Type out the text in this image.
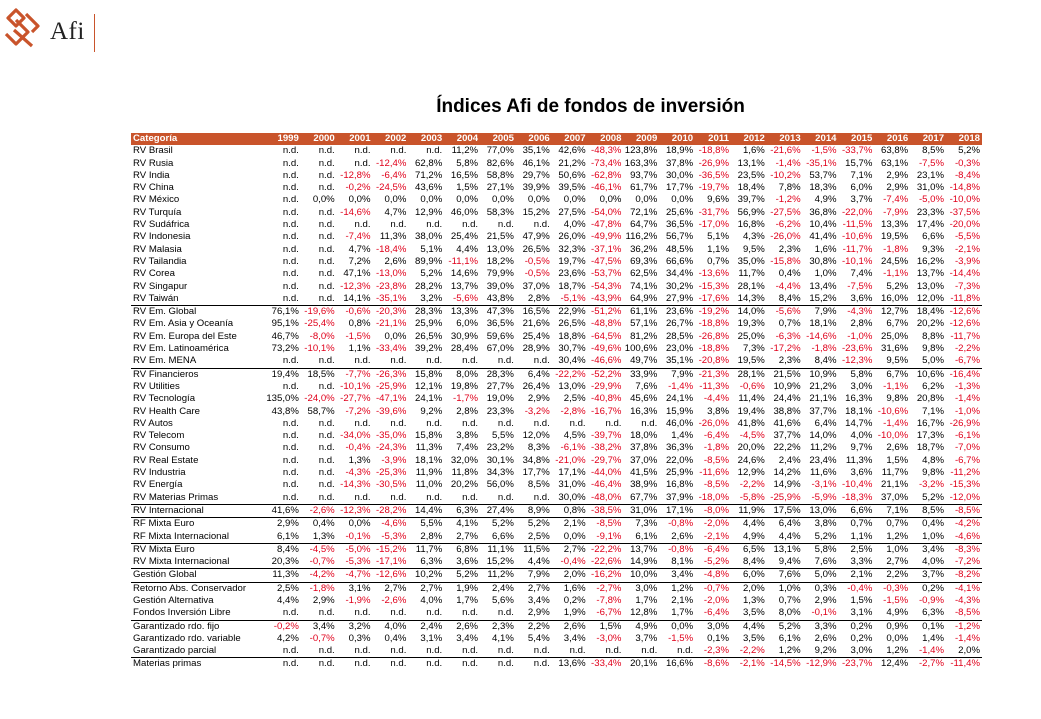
Afi
Índices Afi de fondos de inversión
Categoría	1999	2000	2001	2002	2003	2004	2005	2006	2007	2008	2009	2010	2011	2012	2013	2014	2015	2016	2017	2018
RV Brasil	n.d.	n.d.	n.d.	n.d.	n.d.	11,2%	77,0%	35,1%	42,6%	-48,3%	123,8%	18,9%	-18,8%	1,6%	-21,6%	-1,5%	-33,7%	63,8%	8,5%	5,2%
RV Rusia	n.d.	n.d.	n.d.	-12,4%	62,8%	5,8%	82,6%	46,1%	21,2%	-73,4%	163,3%	37,8%	-26,9%	13,1%	-1,4%	-35,1%	15,7%	63,1%	-7,5%	-0,3%
RV India	n.d.	n.d.	-12,8%	-6,4%	71,2%	16,5%	58,8%	29,7%	50,6%	-62,8%	93,7%	30,0%	-36,5%	23,5%	-10,2%	53,7%	7,1%	2,9%	23,1%	-8,4%
RV China	n.d.	n.d.	-0,2%	-24,5%	43,6%	1,5%	27,1%	39,9%	39,5%	-46,1%	61,7%	17,7%	-19,7%	18,4%	7,8%	18,3%	6,0%	2,9%	31,0%	-14,8%
RV México	n.d.	0,0%	0,0%	0,0%	0,0%	0,0%	0,0%	0,0%	0,0%	0,0%	0,0%	0,0%	9,6%	39,7%	-1,2%	4,9%	3,7%	-7,4%	-5,0%	-10,0%
RV Turquía	n.d.	n.d.	-14,6%	4,7%	12,9%	46,0%	58,3%	15,2%	27,5%	-54,0%	72,1%	25,6%	-31,7%	56,9%	-27,5%	36,8%	-22,0%	-7,9%	23,3%	-37,5%
RV Sudáfrica	n.d.	n.d.	n.d.	n.d.	n.d.	n.d.	n.d.	n.d.	4,0%	-47,8%	64,7%	36,5%	-17,0%	16,8%	-6,2%	10,4%	-11,5%	13,3%	17,4%	-20,0%
RV Indonesia	n.d.	n.d.	-7,4%	11,3%	38,0%	25,4%	21,5%	47,9%	26,0%	-49,9%	116,2%	56,7%	5,1%	4,3%	-26,0%	41,4%	-10,6%	19,5%	6,6%	-5,5%
RV Malasia	n.d.	n.d.	4,7%	-18,4%	5,1%	4,4%	13,0%	26,5%	32,3%	-37,1%	36,2%	48,5%	1,1%	9,5%	2,3%	1,6%	-11,7%	-1,8%	9,3%	-2,1%
RV Tailandia	n.d.	n.d.	7,2%	2,6%	89,9%	-11,1%	18,2%	-0,5%	19,7%	-47,5%	69,3%	66,6%	0,7%	35,0%	-15,8%	30,8%	-10,1%	24,5%	16,2%	-3,9%
RV Corea	n.d.	n.d.	47,1%	-13,0%	5,2%	14,6%	79,9%	-0,5%	23,6%	-53,7%	62,5%	34,4%	-13,6%	11,7%	0,4%	1,0%	7,4%	-1,1%	13,7%	-14,4%
RV Singapur	n.d.	n.d.	-12,3%	-23,8%	28,2%	13,7%	39,0%	37,0%	18,7%	-54,3%	74,1%	30,2%	-15,3%	28,1%	-4,4%	13,4%	-7,5%	5,2%	13,0%	-7,3%
RV Taiwán	n.d.	n.d.	14,1%	-35,1%	3,2%	-5,6%	43,8%	2,8%	-5,1%	-43,9%	64,9%	27,9%	-17,6%	14,3%	8,4%	15,2%	3,6%	16,0%	12,0%	-11,8%
RV Em. Global	76,1%	-19,6%	-0,6%	-20,3%	28,3%	13,3%	47,3%	16,5%	22,9%	-51,2%	61,1%	23,6%	-19,2%	14,0%	-5,6%	7,9%	-4,3%	12,7%	18,4%	-12,6%
RV Em. Asia y Oceanía	95,1%	-25,4%	0,8%	-21,1%	25,9%	6,0%	36,5%	21,6%	26,5%	-48,8%	57,1%	26,7%	-18,8%	19,3%	0,7%	18,1%	2,8%	6,7%	20,2%	-12,6%
RV Em. Europa del Este	46,7%	-8,0%	-1,5%	0,0%	26,5%	30,9%	59,6%	25,4%	18,8%	-64,5%	81,2%	28,5%	-26,8%	25,0%	-6,3%	-14,6%	-1,0%	25,0%	8,8%	-11,7%
RV Em. Latinoamérica	73,2%	-10,1%	1,1%	-33,4%	39,2%	28,4%	67,0%	28,9%	30,7%	-49,6%	100,6%	23,0%	-18,8%	7,3%	-17,2%	-1,8%	-23,6%	31,6%	9,8%	-2,2%
RV Em. MENA	n.d.	n.d.	n.d.	n.d.	n.d.	n.d.	n.d.	n.d.	30,4%	-46,6%	49,7%	35,1%	-20,8%	19,5%	2,3%	8,4%	-12,3%	9,5%	5,0%	-6,7%
RV Financieros	19,4%	18,5%	-7,7%	-26,3%	15,8%	8,0%	28,3%	6,4%	-22,2%	-52,2%	33,9%	7,9%	-21,3%	28,1%	21,5%	10,9%	5,8%	6,7%	10,6%	-16,4%
RV Utilities	n.d.	n.d.	-10,1%	-25,9%	12,1%	19,8%	27,7%	26,4%	13,0%	-29,9%	7,6%	-1,4%	-11,3%	-0,6%	10,9%	21,2%	3,0%	-1,1%	6,2%	-1,3%
RV Tecnología	135,0%	-24,0%	-27,7%	-47,1%	24,1%	-1,7%	19,0%	2,9%	2,5%	-40,8%	45,6%	24,1%	-4,4%	11,4%	24,4%	21,1%	16,3%	9,8%	20,8%	-1,4%
RV Health Care	43,8%	58,7%	-7,2%	-39,6%	9,2%	2,8%	23,3%	-3,2%	-2,8%	-16,7%	16,3%	15,9%	3,8%	19,4%	38,8%	37,7%	18,1%	-10,6%	7,1%	-1,0%
RV Autos	n.d.	n.d.	n.d.	n.d.	n.d.	n.d.	n.d.	n.d.	n.d.	n.d.	n.d.	46,0%	-26,0%	41,8%	41,6%	6,4%	14,7%	-1,4%	16,7%	-26,9%
RV Telecom	n.d.	n.d.	-34,0%	-35,0%	15,8%	3,8%	5,5%	12,0%	4,5%	-39,7%	18,0%	1,4%	-6,4%	-4,5%	37,7%	14,0%	4,0%	-10,0%	17,3%	-6,1%
RV Consumo	n.d.	n.d.	-0,4%	-24,3%	11,3%	7,4%	23,2%	8,3%	-6,1%	-38,2%	37,8%	36,3%	-1,8%	20,0%	22,2%	11,2%	9,7%	2,6%	18,7%	-7,0%
RV Real Estate	n.d.	n.d.	1,3%	-3,9%	18,1%	32,0%	30,1%	34,8%	-21,0%	-29,7%	37,0%	22,0%	-8,5%	24,6%	2,4%	23,4%	11,3%	1,5%	4,8%	-6,7%
RV Industria	n.d.	n.d.	-4,3%	-25,3%	11,9%	11,8%	34,3%	17,7%	17,1%	-44,0%	41,5%	25,9%	-11,6%	12,9%	14,2%	11,6%	3,6%	11,7%	9,8%	-11,2%
RV Energía	n.d.	n.d.	-14,3%	-30,5%	11,0%	20,2%	56,0%	8,5%	31,0%	-46,4%	38,9%	16,8%	-8,5%	-2,2%	14,9%	-3,1%	-10,4%	21,1%	-3,2%	-15,3%
RV Materias Primas	n.d.	n.d.	n.d.	n.d.	n.d.	n.d.	n.d.	n.d.	30,0%	-48,0%	67,7%	37,9%	-18,0%	-5,8%	-25,9%	-5,9%	-18,3%	37,0%	5,2%	-12,0%
RV Internacional	41,6%	-2,6%	-12,3%	-28,2%	14,4%	6,3%	27,4%	8,9%	0,8%	-38,5%	31,0%	17,1%	-8,0%	11,9%	17,5%	13,0%	6,6%	7,1%	8,5%	-8,5%
RF Mixta Euro	2,9%	0,4%	0,0%	-4,6%	5,5%	4,1%	5,2%	5,2%	2,1%	-8,5%	7,3%	-0,8%	-2,0%	4,4%	6,4%	3,8%	0,7%	0,7%	0,4%	-4,2%
RF Mixta Internacional	6,1%	1,3%	-0,1%	-5,3%	2,8%	2,7%	6,6%	2,5%	0,0%	-9,1%	6,1%	2,6%	-2,1%	4,9%	4,4%	5,2%	1,1%	1,2%	1,0%	-4,6%
RV Mixta Euro	8,4%	-4,5%	-5,0%	-15,2%	11,7%	6,8%	11,1%	11,5%	2,7%	-22,2%	13,7%	-0,8%	-6,4%	6,5%	13,1%	5,8%	2,5%	1,0%	3,4%	-8,3%
RV Mixta Internacional	20,3%	-0,7%	-5,3%	-17,1%	6,3%	3,6%	15,2%	4,4%	-0,4%	-22,6%	14,9%	8,1%	-5,2%	8,4%	9,4%	7,6%	3,3%	2,7%	4,0%	-7,2%
Gestión Global	11,3%	-4,2%	-4,7%	-12,6%	10,2%	5,2%	11,2%	7,9%	2,0%	-16,2%	10,0%	3,4%	-4,8%	6,0%	7,6%	5,0%	2,1%	2,2%	3,7%	-8,2%
Retorno Abs. Conservador	2,5%	-1,8%	3,1%	2,7%	2,7%	1,9%	2,4%	2,7%	1,6%	-2,7%	3,0%	1,2%	-0,7%	2,0%	1,0%	0,3%	-0,4%	-0,3%	0,2%	-4,1%
Gestión Alternativa	4,4%	2,9%	-1,9%	-2,6%	4,0%	1,7%	5,6%	3,4%	0,2%	-7,8%	1,7%	2,1%	-2,0%	1,3%	0,7%	2,9%	1,5%	-1,5%	-0,9%	-4,3%
Fondos Inversión Libre	n.d.	n.d.	n.d.	n.d.	n.d.	n.d.	n.d.	2,9%	1,9%	-6,7%	12,8%	1,7%	-6,4%	3,5%	8,0%	-0,1%	3,1%	4,9%	6,3%	-8,5%
Garantizado rdo. fijo	-0,2%	3,4%	3,2%	4,0%	2,4%	2,6%	2,3%	2,2%	2,6%	1,5%	4,9%	0,0%	3,0%	4,4%	5,2%	3,3%	0,2%	0,9%	0,1%	-1,2%
Garantizado rdo. variable	4,2%	-0,7%	0,3%	0,4%	3,1%	3,4%	4,1%	5,4%	3,4%	-3,0%	3,7%	-1,5%	0,1%	3,5%	6,1%	2,6%	0,2%	0,0%	1,4%	-1,4%
Garantizado parcial	n.d.	n.d.	n.d.	n.d.	n.d.	n.d.	n.d.	n.d.	n.d.	n.d.	n.d.	n.d.	-2,3%	-2,2%	1,2%	9,2%	3,0%	1,2%	-1,4%	2,0%
Materias primas	n.d.	n.d.	n.d.	n.d.	n.d.	n.d.	n.d.	n.d.	13,6%	-33,4%	20,1%	16,6%	-8,6%	-2,1%	-14,5%	-12,9%	-23,7%	12,4%	-2,7%	-11,4%
